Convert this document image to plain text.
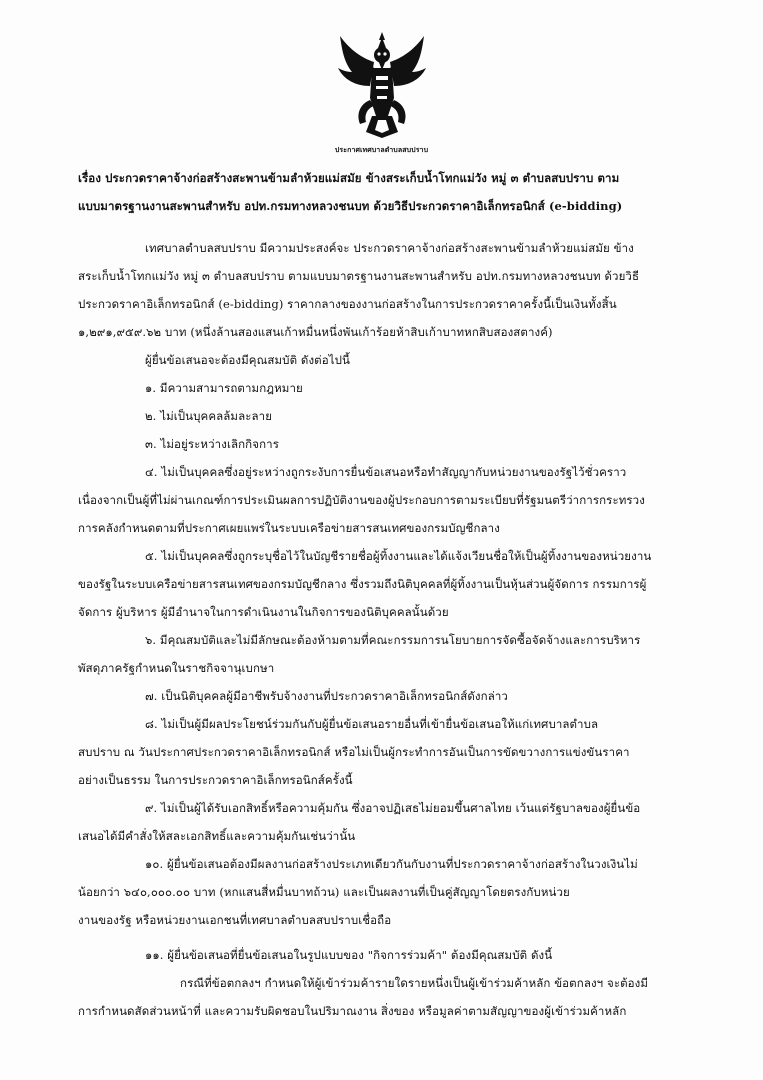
ประกาศเทศบาลตำบลสบปราบ
เรื่อง ประกวดราคาจ้างก่อสร้างสะพานข้ามลำห้วยแม่สมัย ข้างสระเก็บน้ำโทกแม่วัง หมู่ ๓ ตำบลสบปราบ ตาม
แบบมาตรฐานงานสะพานสำหรับ อปท.กรมทางหลวงชนบท ด้วยวิธีประกวดราคาอิเล็กทรอนิกส์ (e-bidding)
เทศบาลตำบลสบปราบ มีความประสงค์จะ ประกวดราคาจ้างก่อสร้างสะพานข้ามลำห้วยแม่สมัย ข้าง
สระเก็บน้ำโทกแม่วัง หมู่ ๓ ตำบลสบปราบ ตามแบบมาตรฐานงานสะพานสำหรับ อปท.กรมทางหลวงชนบท ด้วยวิธี
ประกวดราคาอิเล็กทรอนิกส์ (e-bidding) ราคากลางของงานก่อสร้างในการประกวดราคาครั้งนี้เป็นเงินทั้งสิ้น
๑,๒๙๑,๙๕๙.๖๒ บาท (หนึ่งล้านสองแสนเก้าหมื่นหนึ่งพันเก้าร้อยห้าสิบเก้าบาทหกสิบสองสตางค์)
ผู้ยื่นข้อเสนอจะต้องมีคุณสมบัติ ดังต่อไปนี้
๑. มีความสามารถตามกฎหมาย
๒. ไม่เป็นบุคคลล้มละลาย
๓. ไม่อยู่ระหว่างเลิกกิจการ
๔. ไม่เป็นบุคคลซึ่งอยู่ระหว่างถูกระงับการยื่นข้อเสนอหรือทำสัญญากับหน่วยงานของรัฐไว้ชั่วคราว
เนื่องจากเป็นผู้ที่ไม่ผ่านเกณฑ์การประเมินผลการปฏิบัติงานของผู้ประกอบการตามระเบียบที่รัฐมนตรีว่าการกระทรวง
การคลังกำหนดตามที่ประกาศเผยแพร่ในระบบเครือข่ายสารสนเทศของกรมบัญชีกลาง
๕. ไม่เป็นบุคคลซึ่งถูกระบุชื่อไว้ในบัญชีรายชื่อผู้ทิ้งงานและได้แจ้งเวียนชื่อให้เป็นผู้ทิ้งงานของหน่วยงาน
ของรัฐในระบบเครือข่ายสารสนเทศของกรมบัญชีกลาง ซึ่งรวมถึงนิติบุคคลที่ผู้ทิ้งงานเป็นหุ้นส่วนผู้จัดการ กรรมการผู้
จัดการ ผู้บริหาร ผู้มีอำนาจในการดำเนินงานในกิจการของนิติบุคคลนั้นด้วย
๖. มีคุณสมบัติและไม่มีลักษณะต้องห้ามตามที่คณะกรรมการนโยบายการจัดซื้อจัดจ้างและการบริหาร
พัสดุภาครัฐกำหนดในราชกิจจานุเบกษา
๗. เป็นนิติบุคคลผู้มีอาชีพรับจ้างงานที่ประกวดราคาอิเล็กทรอนิกส์ดังกล่าว
๘. ไม่เป็นผู้มีผลประโยชน์ร่วมกันกับผู้ยื่นข้อเสนอรายอื่นที่เข้ายื่นข้อเสนอให้แก่เทศบาลตำบล
สบปราบ ณ วันประกาศประกวดราคาอิเล็กทรอนิกส์ หรือไม่เป็นผู้กระทำการอันเป็นการขัดขวางการแข่งขันราคา
อย่างเป็นธรรม ในการประกวดราคาอิเล็กทรอนิกส์ครั้งนี้
๙. ไม่เป็นผู้ได้รับเอกสิทธิ์หรือความคุ้มกัน ซึ่งอาจปฏิเสธไม่ยอมขึ้นศาลไทย เว้นแต่รัฐบาลของผู้ยื่นข้อ
เสนอได้มีคำสั่งให้สละเอกสิทธิ์และความคุ้มกันเช่นว่านั้น
๑๐. ผู้ยื่นข้อเสนอต้องมีผลงานก่อสร้างประเภทเดียวกันกับงานที่ประกวดราคาจ้างก่อสร้างในวงเงินไม่
น้อยกว่า ๖๔๐,๐๐๐.๐๐ บาท (หกแสนสี่หมื่นบาทถ้วน) และเป็นผลงานที่เป็นคู่สัญญาโดยตรงกับหน่วย
งานของรัฐ หรือหน่วยงานเอกชนที่เทศบาลตำบลสบปราบเชื่อถือ
๑๑. ผู้ยื่นข้อเสนอที่ยื่นข้อเสนอในรูปแบบของ "กิจการร่วมค้า" ต้องมีคุณสมบัติ ดังนี้
กรณีที่ข้อตกลงฯ กำหนดให้ผู้เข้าร่วมค้ารายใดรายหนึ่งเป็นผู้เข้าร่วมค้าหลัก ข้อตกลงฯ จะต้องมี
การกำหนดสัดส่วนหน้าที่ และความรับผิดชอบในปริมาณงาน สิ่งของ หรือมูลค่าตามสัญญาของผู้เข้าร่วมค้าหลัก
